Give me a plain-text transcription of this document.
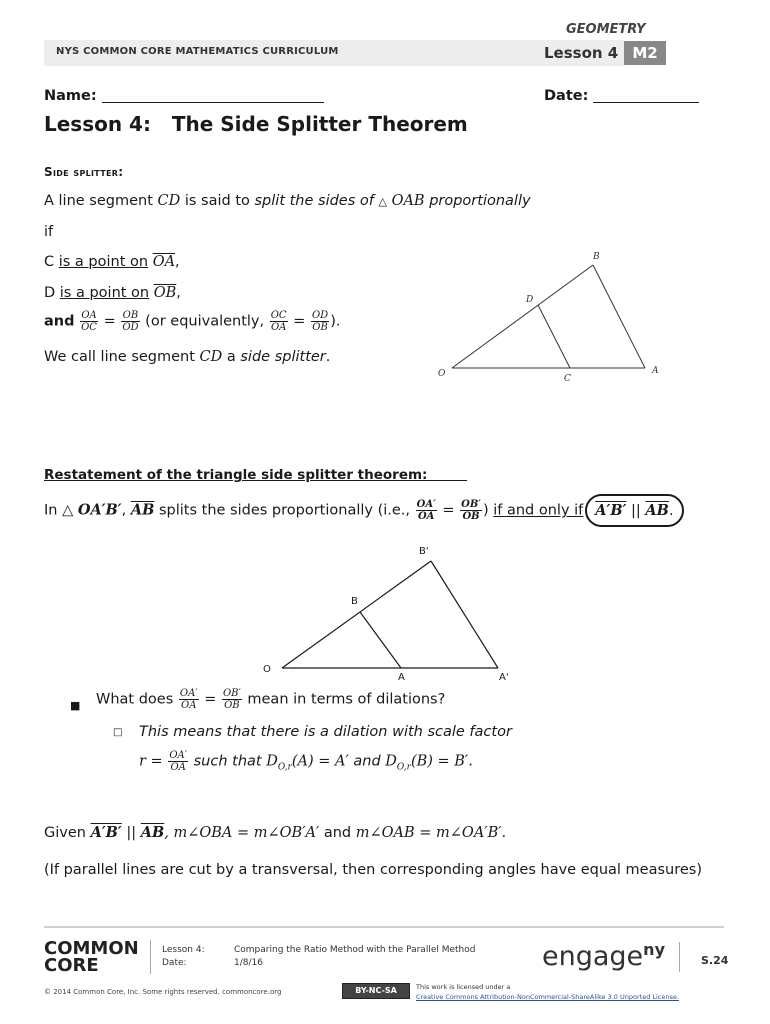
GEOMETRY
NYS COMMON CORE MATHEMATICS CURRICULUM	Lesson 4 M2
Name:	Date:
Lesson 4:   The Side Splitter Theorem
Side splitter:
A line segment CD is said to split the sides of △ OAB proportionally
if
C is a point on $\overline{OA}$,
D is a point on $\overline{OB}$,
and $\frac{OA}{OC} = \frac{OB}{OD} (or$ equivalently, $\frac{OC}{OA} = \frac{OD}{OB}$ ).
We call line segment CD a side splitter.
O	A
B
C
D
Restatement of the triangle side splitter theorem:
In △ OA′B′, $\overline{AB}$ splits the sides proportionally (i.e., $\frac{OA'}{OA} = \frac{OB'}{OB}$ ) if and only if A′B′ || $\overline{AB}$.
O
A	A'
B
B'
■ What does $\frac{OA'}{OA} = \frac{OB'}{OB}$ mean in terms of dilations?
□ This means that there is a dilation with scale factor
$r = \frac{OA'}{OA}$ such that $D_{O,r}(A) = A'$ and $D_{O,r}(B) = B'$.
Given A′B′ || $\overline{AB}$, m∠OBA = m∠OB′A′ and m∠OAB = m∠OA′B′.
(If parallel lines are cut by a transversal, then corresponding angles have equal measures)
COMMON
CORE
Lesson 4:
Date:
Comparing the Ratio Method with the Parallel Method
1/8/16	engage$^{ny}$
S.24
© 2014 Common Core, Inc. Some rights reserved. commoncore.org	BY-NC-SA	This work is licensed under a
Creative Commons Attribution-NonCommercial-ShareAlike 3.0 Unported License.
